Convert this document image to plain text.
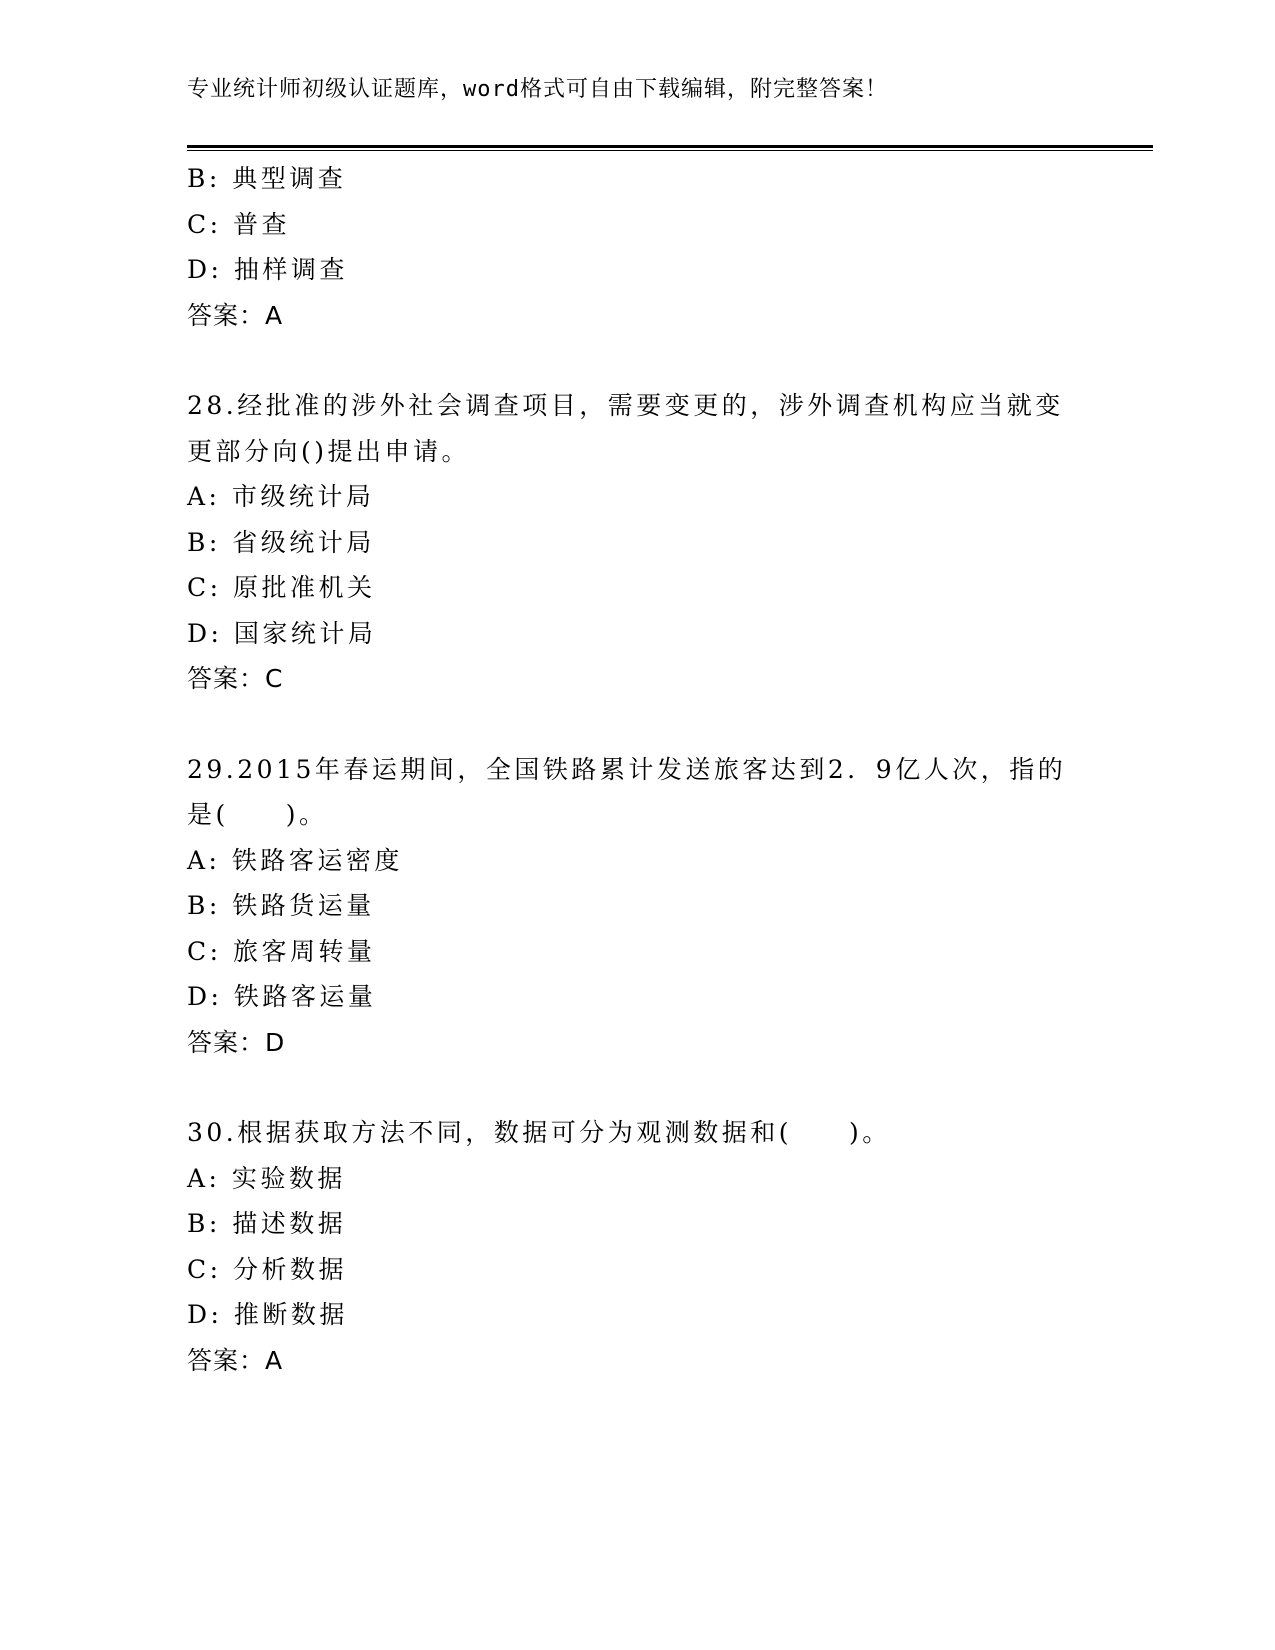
专业统计师初级认证题库，word格式可自由下载编辑，附完整答案！
B: 典型调查
C: 普查
D: 抽样调查
答案：A
28.经批准的涉外社会调查项目，需要变更的，涉外调查机构应当就变
更部分向()提出申请。
A: 市级统计局
B: 省级统计局
C: 原批准机关
D: 国家统计局
答案：C
29.2015年春运期间，全国铁路累计发送旅客达到2．9亿人次，指的
是(　　)。
A: 铁路客运密度
B: 铁路货运量
C: 旅客周转量
D: 铁路客运量
答案：D
30.根据获取方法不同，数据可分为观测数据和(　　)。
A: 实验数据
B: 描述数据
C: 分析数据
D: 推断数据
答案：A
